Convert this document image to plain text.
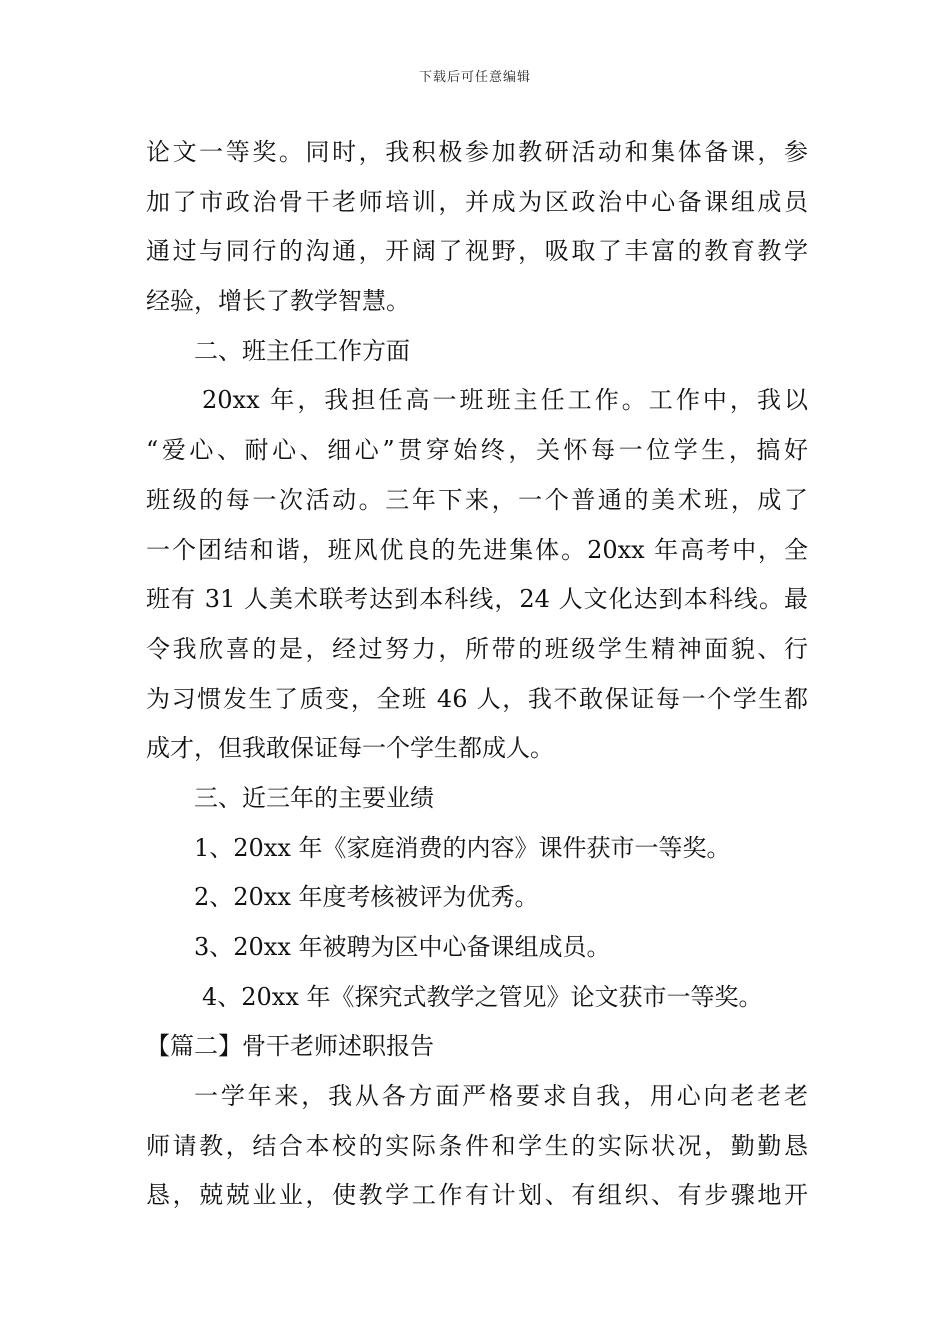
下载后可任意编辑
论文一等奖。同时，我积极参加教研活动和集体备课，参
加了市政治骨干老师培训，并成为区政治中心备课组成员
通过与同行的沟通，开阔了视野，吸取了丰富的教育教学
经验，增长了教学智慧。
二、班主任工作方面
20xx 年，我担任高一班班主任工作。工作中，我以
“爱心、耐心、细心”贯穿始终，关怀每一位学生，搞好
班级的每一次活动。三年下来，一个普通的美术班，成了
一个团结和谐，班风优良的先进集体。20xx 年高考中，全
班有 31 人美术联考达到本科线，24 人文化达到本科线。最
令我欣喜的是，经过努力，所带的班级学生精神面貌、行
为习惯发生了质变，全班 46 人，我不敢保证每一个学生都
成才，但我敢保证每一个学生都成人。
三、近三年的主要业绩
1、20xx 年《家庭消费的内容》课件获市一等奖。
2、20xx 年度考核被评为优秀。
3、20xx 年被聘为区中心备课组成员。
4、20xx 年《探究式教学之管见》论文获市一等奖。
【篇二】骨干老师述职报告
一学年来，我从各方面严格要求自我，用心向老老老
师请教，结合本校的实际条件和学生的实际状况，勤勤恳
恳，兢兢业业，使教学工作有计划、有组织、有步骤地开
